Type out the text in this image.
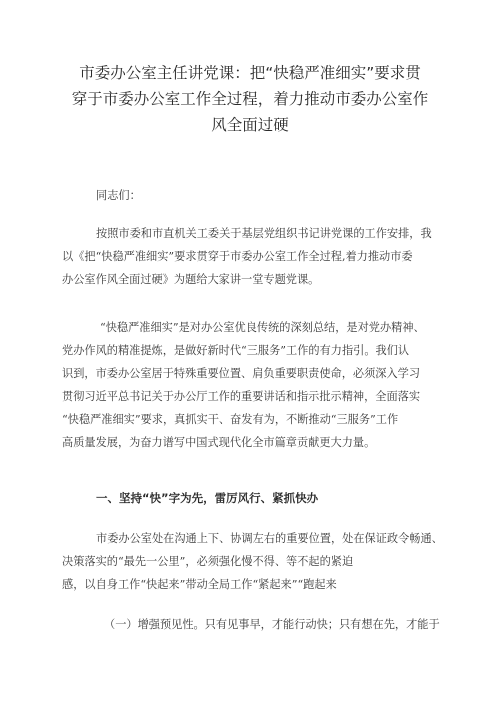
市委办公室主任讲党课：把“快稳严准细实”要求贯
穿于市委办公室工作全过程，着力推动市委办公室作
风全面过硬
同志们：
按照市委和市直机关工委关于基层党组织书记讲党课的工作安排，我
以《把“快稳严准细实”要求贯穿于市委办公室工作全过程,着力推动市委
办公室作风全面过硬》为题给大家讲一堂专题党课。
“快稳严准细实”是对办公室优良传统的深刻总结，是对党办精神、
党办作风的精准提炼，是做好新时代“三服务”工作的有力指引。我们认
识到，市委办公室居于特殊重要位置、肩负重要职责使命，必须深入学习
贯彻习近平总书记关于办公厅工作的重要讲话和指示批示精神，全面落实
“快稳严准细实”要求，真抓实干、奋发有为，不断推动“三服务”工作
高质量发展，为奋力谱写中国式现代化全市篇章贡献更大力量。
一、坚持“快”字为先，雷厉风行、紧抓快办
市委办公室处在沟通上下、协调左右的重要位置，处在保证政令畅通、
决策落实的“最先一公里”，必须强化慢不得、等不起的紧迫
感，以自身工作“快起来”带动全局工作“紧起来”“跑起来
（一）增强预见性。只有见事早，才能行动快；只有想在先，才能于
